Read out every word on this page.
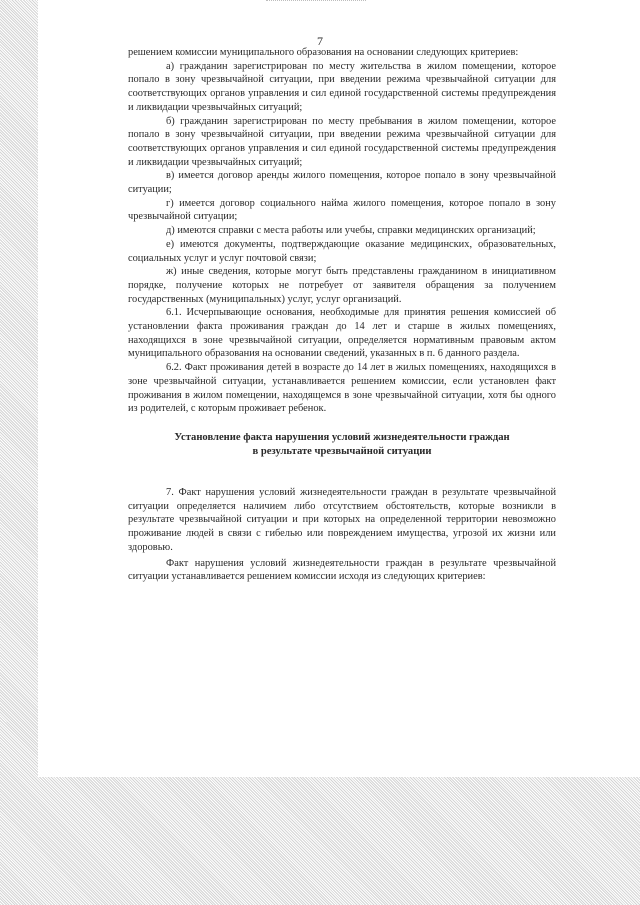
7

решением комиссии муниципального образования на основании следующих критериев:

а) гражданин зарегистрирован по месту жительства в жилом помещении, которое попало в зону чрезвычайной ситуации, при введении режима чрезвычайной ситуации для соответствующих органов управления и сил единой государственной системы предупреждения и ликвидации чрезвычайных ситуаций;

б) гражданин зарегистрирован по месту пребывания в жилом помещении, которое попало в зону чрезвычайной ситуации, при введении режима чрезвычайной ситуации для соответствующих органов управления и сил единой государственной системы предупреждения и ликвидации чрезвычайных ситуаций;

в) имеется договор аренды жилого помещения, которое попало в зону чрезвычайной ситуации;

г) имеется договор социального найма жилого помещения, которое попало в зону чрезвычайной ситуации;

д) имеются справки с места работы или учебы, справки медицинских организаций;

е) имеются документы, подтверждающие оказание медицинских, образовательных, социальных услуг и услуг почтовой связи;

ж) иные сведения, которые могут быть представлены гражданином в инициативном порядке, получение которых не потребует от заявителя обращения за получением государственных (муниципальных) услуг, услуг организаций.

6.1. Исчерпывающие основания, необходимые для принятия решения комиссией об установлении факта проживания граждан до 14 лет и старше в жилых помещениях, находящихся в зоне чрезвычайной ситуации, определяется нормативным правовым актом муниципального образования на основании сведений, указанных в п. 6 данного раздела.

6.2. Факт проживания детей в возрасте до 14 лет в жилых помещениях, находящихся в зоне чрезвычайной ситуации, устанавливается решением комиссии, если установлен факт проживания в жилом помещении, находящемся в зоне чрезвычайной ситуации, хотя бы одного из родителей, с которым проживает ребенок.

Установление факта нарушения условий жизнедеятельности граждан
в результате чрезвычайной ситуации

7. Факт нарушения условий жизнедеятельности граждан в результате чрезвычайной ситуации определяется наличием либо отсутствием обстоятельств, которые возникли в результате чрезвычайной ситуации и при которых на определенной территории невозможно проживание людей в связи с гибелью или повреждением имущества, угрозой их жизни или здоровью.

Факт нарушения условий жизнедеятельности граждан в результате чрезвычайной ситуации устанавливается решением комиссии исходя из следующих критериев:
